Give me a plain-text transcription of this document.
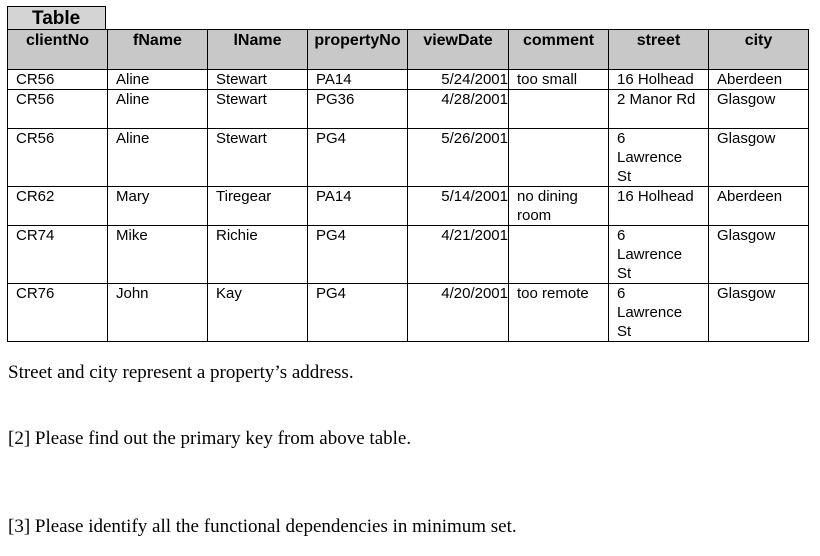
Table
clientNo	fName	lName	propertyNo	viewDate	comment	street	city
CR56	Aline	Stewart	PA14	5/24/2001	too small	16 Holhead	Aberdeen
CR56	Aline	Stewart	PG36	4/28/2001		2 Manor Rd	Glasgow
CR56	Aline	Stewart	PG4	5/26/2001		6 Lawrence St	Glasgow
CR62	Mary	Tiregear	PA14	5/14/2001	no dining room	16 Holhead	Aberdeen
CR74	Mike	Richie	PG4	4/21/2001		6 Lawrence St	Glasgow
CR76	John	Kay	PG4	4/20/2001	too remote	6 Lawrence St	Glasgow
Street and city represent a property’s address.
[2] Please find out the primary key from above table.
[3] Please identify all the functional dependencies in minimum set.
